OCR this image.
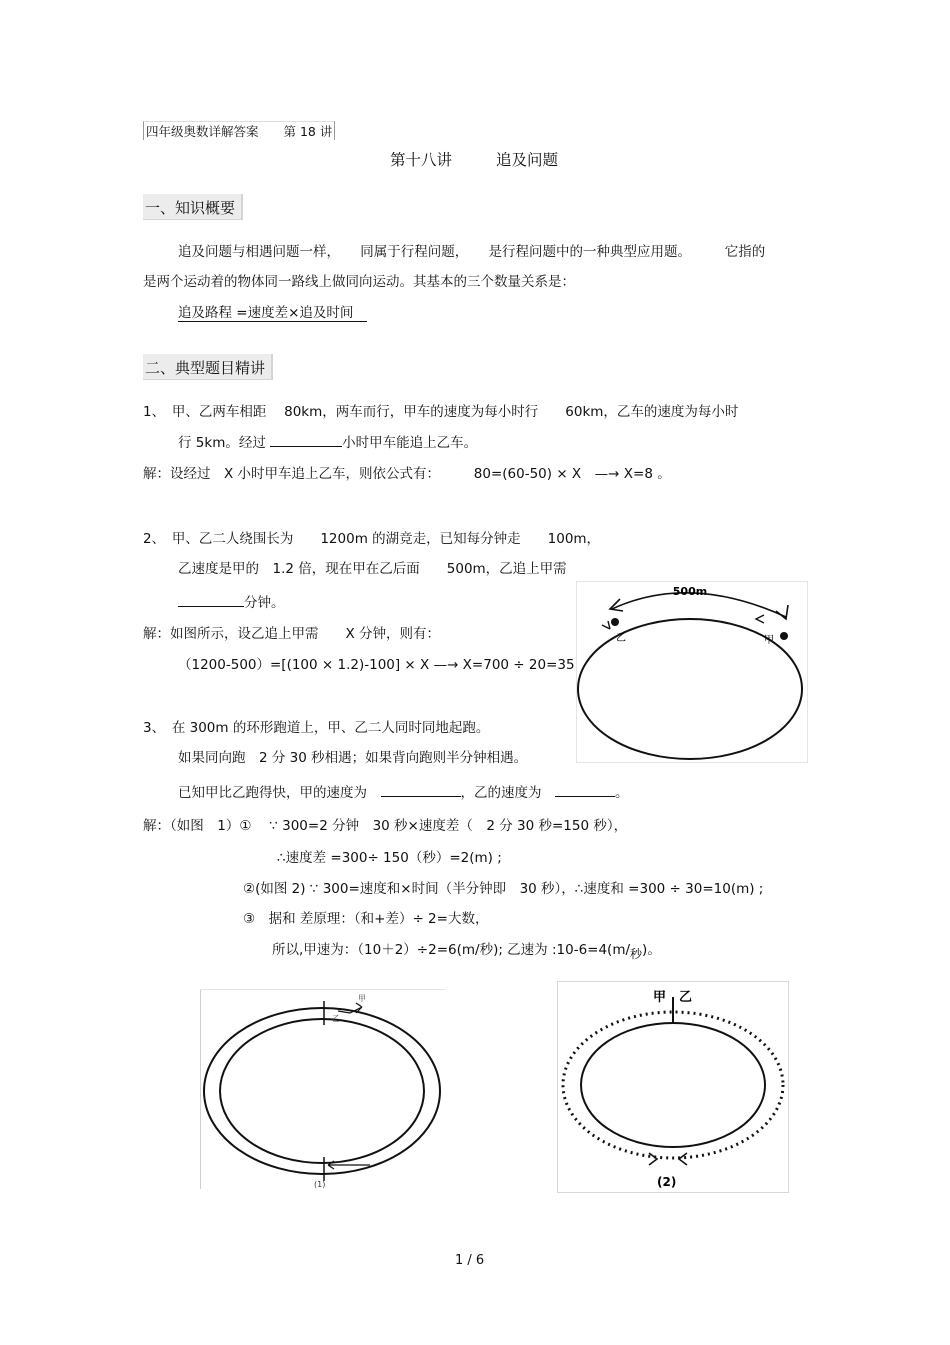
四年级奥数详解答案　　第 18 讲
第十八讲	追及问题
一、知识概要
追及问题与相遇问题一样，　　同属于行程问题，　　是行程问题中的一种典型应用题。　　　它指的
是两个运动着的物体同一路线上做同向运动。其基本的三个数量关系是：
追及路程 =速度差×追及时间
二、典型题目精讲
1、　甲、乙两车相距　 80km，两车而行，甲车的速度为每小时行　　60km，乙车的速度为每小时
行 5km。经过	小时甲车能追上乙车。
解：设经过　X 小时甲车追上乙车，则依公式有：　　　80=(60-50) × X　—→ X=8 。
2、　甲、乙二人绕围长为　　1200m 的湖竞走，已知每分钟走　　100m，
乙速度是甲的　1.2 倍，现在甲在乙后面　　500m，乙追上甲需
分钟。
解：如图所示，设乙追上甲需　　X 分钟，则有：
（1200-500）=[(100 × 1.2)-100] × X —→ X=700 ÷ 20=35
500m
乙	甲
3、　在 300m 的环形跑道上，甲、乙二人同时同地起跑。
如果同向跑　2 分 30 秒相遇；如果背向跑则半分钟相遇。
已知甲比乙跑得快，甲的速度为　	，乙的速度为　	。
解：（如图　1）①　 ∵ 300=2 分钟　30 秒×速度差（　2 分 30 秒=150 秒），
∴速度差 =300÷ 150（秒）=2(m) ;
②(如图 2) ∵ 300=速度和×时间（半分钟即　30 秒），∴速度和 =300 ÷ 30=10(m) ;
③　据和 差原理：（和+差）÷ 2=大数，
所以,甲速为：（10＋2）÷2=6(m/秒); 乙速为 :10-6=4(m/秒)。
甲
乙
(1)
甲 乙
(2)
1 / 6
